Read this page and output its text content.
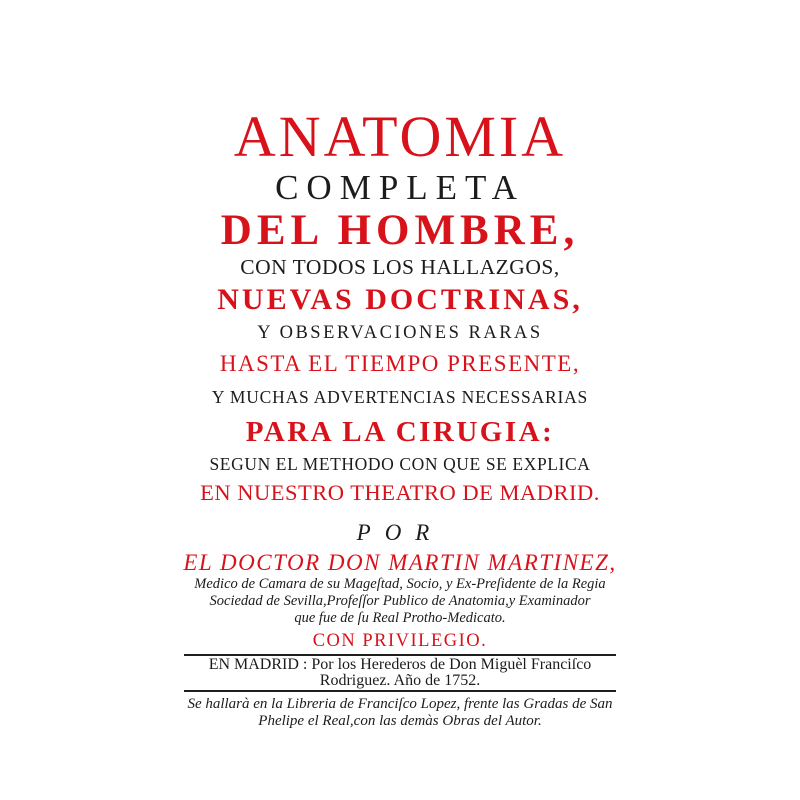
ANATOMIA
COMPLETA
DEL HOMBRE,
CON TODOS LOS HALLAZGOS,
NUEVAS DOCTRINAS,
Y OBSERVACIONES RARAS
HASTA EL TIEMPO PRESENTE,
Y MUCHAS ADVERTENCIAS NECESSARIAS
PARA LA CIRUGIA:
SEGUN EL METHODO CON QUE SE EXPLICA
EN NUESTRO THEATRO DE MADRID.
POR
EL DOCTOR DON MARTIN MARTINEZ,
Medico de Camara de su Mageſtad, Socio, y Ex-Preſidente de la Regia
Sociedad de Sevilla,Profeſſor Publico de Anatomia,y Examinador
que fue de ſu Real Protho-Medicato.
CON PRIVILEGIO.
EN MADRID : Por los Herederos de Don Miguèl Franciſco
Rodriguez. Año de 1752.
Se hallarà en la Libreria de Franciſco Lopez, frente las Gradas de San
Phelipe el Real,con las demàs Obras del Autor.
